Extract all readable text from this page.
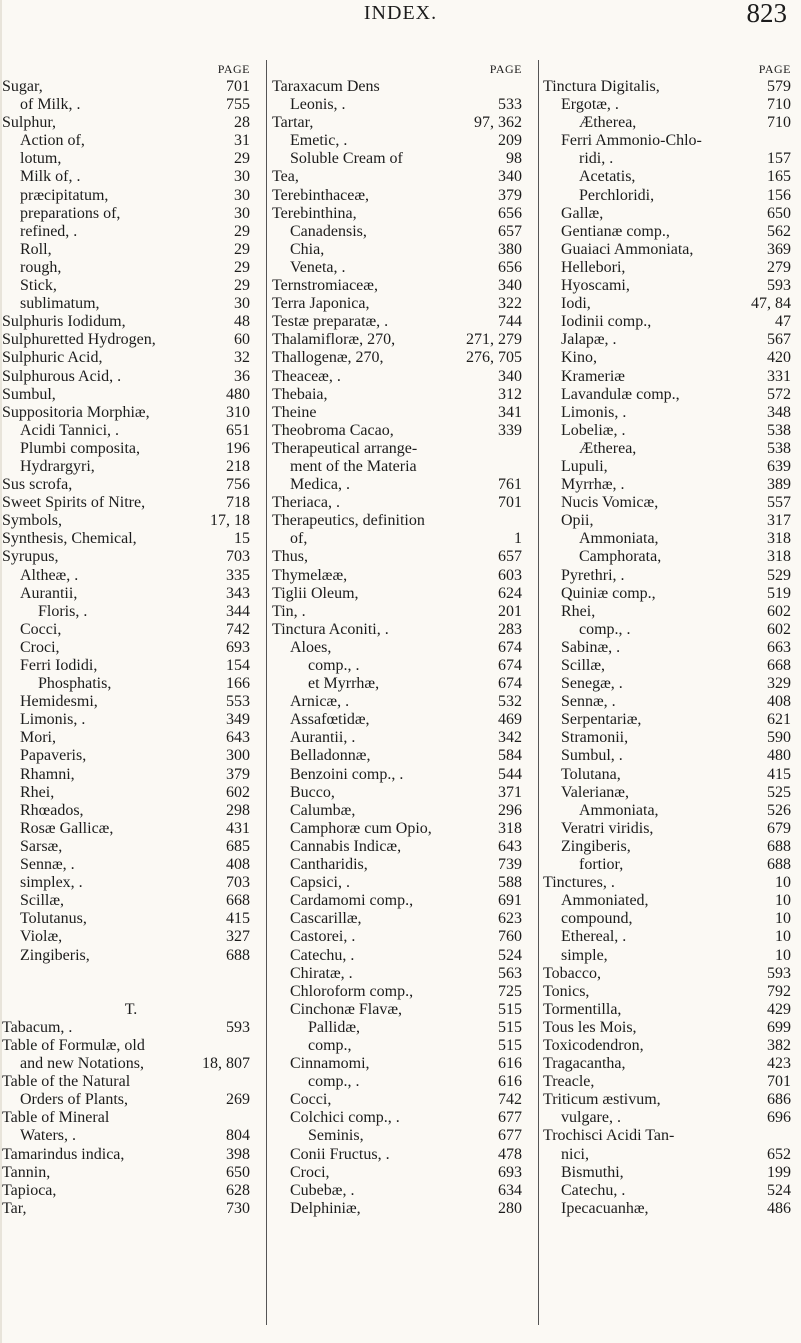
INDEX.	823
PAGE
Sugar,	701
of Milk, .	755
Sulphur,	28
Action of,	31
lotum,	29
Milk of, .	30
præcipitatum,	30
preparations of,	30
refined, .	29
Roll,	29
rough,	29
Stick,	29
sublimatum,	30
Sulphuris Iodidum,	48
Sulphuretted Hydrogen,	60
Sulphuric Acid,	32
Sulphurous Acid, .	36
Sumbul,	480
Suppositoria Morphiæ,	310
Acidi Tannici, .	651
Plumbi composita,	196
Hydrargyri,	218
Sus scrofa,	756
Sweet Spirits of Nitre,	718
Symbols,	17, 18
Synthesis, Chemical,	15
Syrupus,	703
Altheæ, .	335
Aurantii,	343
Floris, .	344
Cocci,	742
Croci,	693
Ferri Iodidi,	154
Phosphatis,	166
Hemidesmi,	553
Limonis, .	349
Mori,	643
Papaveris,	300
Rhamni,	379
Rhei,	602
Rhœados,	298
Rosæ Gallicæ,	431
Sarsæ,	685
Sennæ, .	408
simplex, .	703
Scillæ,	668
Tolutanus,	415
Violæ,	327
Zingiberis,	688
T.
Tabacum, .	593
Table of Formulæ, old
and new Notations,	18, 807
Table of the Natural
Orders of Plants,	269
Table of Mineral
Waters, .	804
Tamarindus indica,	398
Tannin,	650
Tapioca,	628
Tar,	730
PAGE
Taraxacum Dens
Leonis, .	533
Tartar,	97, 362
Emetic, .	209
Soluble Cream of	98
Tea,	340
Terebinthaceæ,	379
Terebinthina,	656
Canadensis,	657
Chia,	380
Veneta, .	656
Ternstromiaceæ,	340
Terra Japonica,	322
Testæ preparatæ, .	744
Thalamifloræ, 270,	271, 279
Thallogenæ, 270,	276, 705
Theaceæ, .	340
Thebaia,	312
Theine	341
Theobroma Cacao,	339
Therapeutical arrange-
ment of the Materia
Medica, .	761
Theriaca, .	701
Therapeutics, definition
of,	1
Thus,	657
Thymelææ,	603
Tiglii Oleum,	624
Tin, .	201
Tinctura Aconiti, .	283
Aloes,	674
comp., .	674
et Myrrhæ,	674
Arnicæ, .	532
Assafœtidæ,	469
Aurantii, .	342
Belladonnæ,	584
Benzoini comp., .	544
Bucco,	371
Calumbæ,	296
Camphoræ cum Opio,	318
Cannabis Indicæ,	643
Cantharidis,	739
Capsici, .	588
Cardamomi comp.,	691
Cascarillæ,	623
Castorei, .	760
Catechu, .	524
Chiratæ, .	563
Chloroform comp.,	725
Cinchonæ Flavæ,	515
Pallidæ,	515
comp.,	515
Cinnamomi,	616
comp., .	616
Cocci,	742
Colchici comp., .	677
Seminis,	677
Conii Fructus, .	478
Croci,	693
Cubebæ, .	634
Delphiniæ,	280
PAGE
Tinctura Digitalis,	579
Ergotæ, .	710
Ætherea,	710
Ferri Ammonio-Chlo-
ridi, .	157
Acetatis,	165
Perchloridi,	156
Gallæ,	650
Gentianæ comp.,	562
Guaiaci Ammoniata,	369
Hellebori,	279
Hyoscami,	593
Iodi,	47, 84
Iodinii comp.,	47
Jalapæ, .	567
Kino,	420
Krameriæ	331
Lavandulæ comp.,	572
Limonis, .	348
Lobeliæ, .	538
Ætherea,	538
Lupuli,	639
Myrrhæ, .	389
Nucis Vomicæ,	557
Opii,	317
Ammoniata,	318
Camphorata,	318
Pyrethri, .	529
Quiniæ comp.,	519
Rhei,	602
comp., .	602
Sabinæ, .	663
Scillæ,	668
Senegæ, .	329
Sennæ, .	408
Serpentariæ,	621
Stramonii,	590
Sumbul, .	480
Tolutana,	415
Valerianæ,	525
Ammoniata,	526
Veratri viridis,	679
Zingiberis,	688
fortior,	688
Tinctures, .	10
Ammoniated,	10
compound,	10
Ethereal, .	10
simple,	10
Tobacco,	593
Tonics,	792
Tormentilla,	429
Tous les Mois,	699
Toxicodendron,	382
Tragacantha,	423
Treacle,	701
Triticum æstivum,	686
vulgare, .	696
Trochisci Acidi Tan-
nici,	652
Bismuthi,	199
Catechu, .	524
Ipecacuanhæ,	486
